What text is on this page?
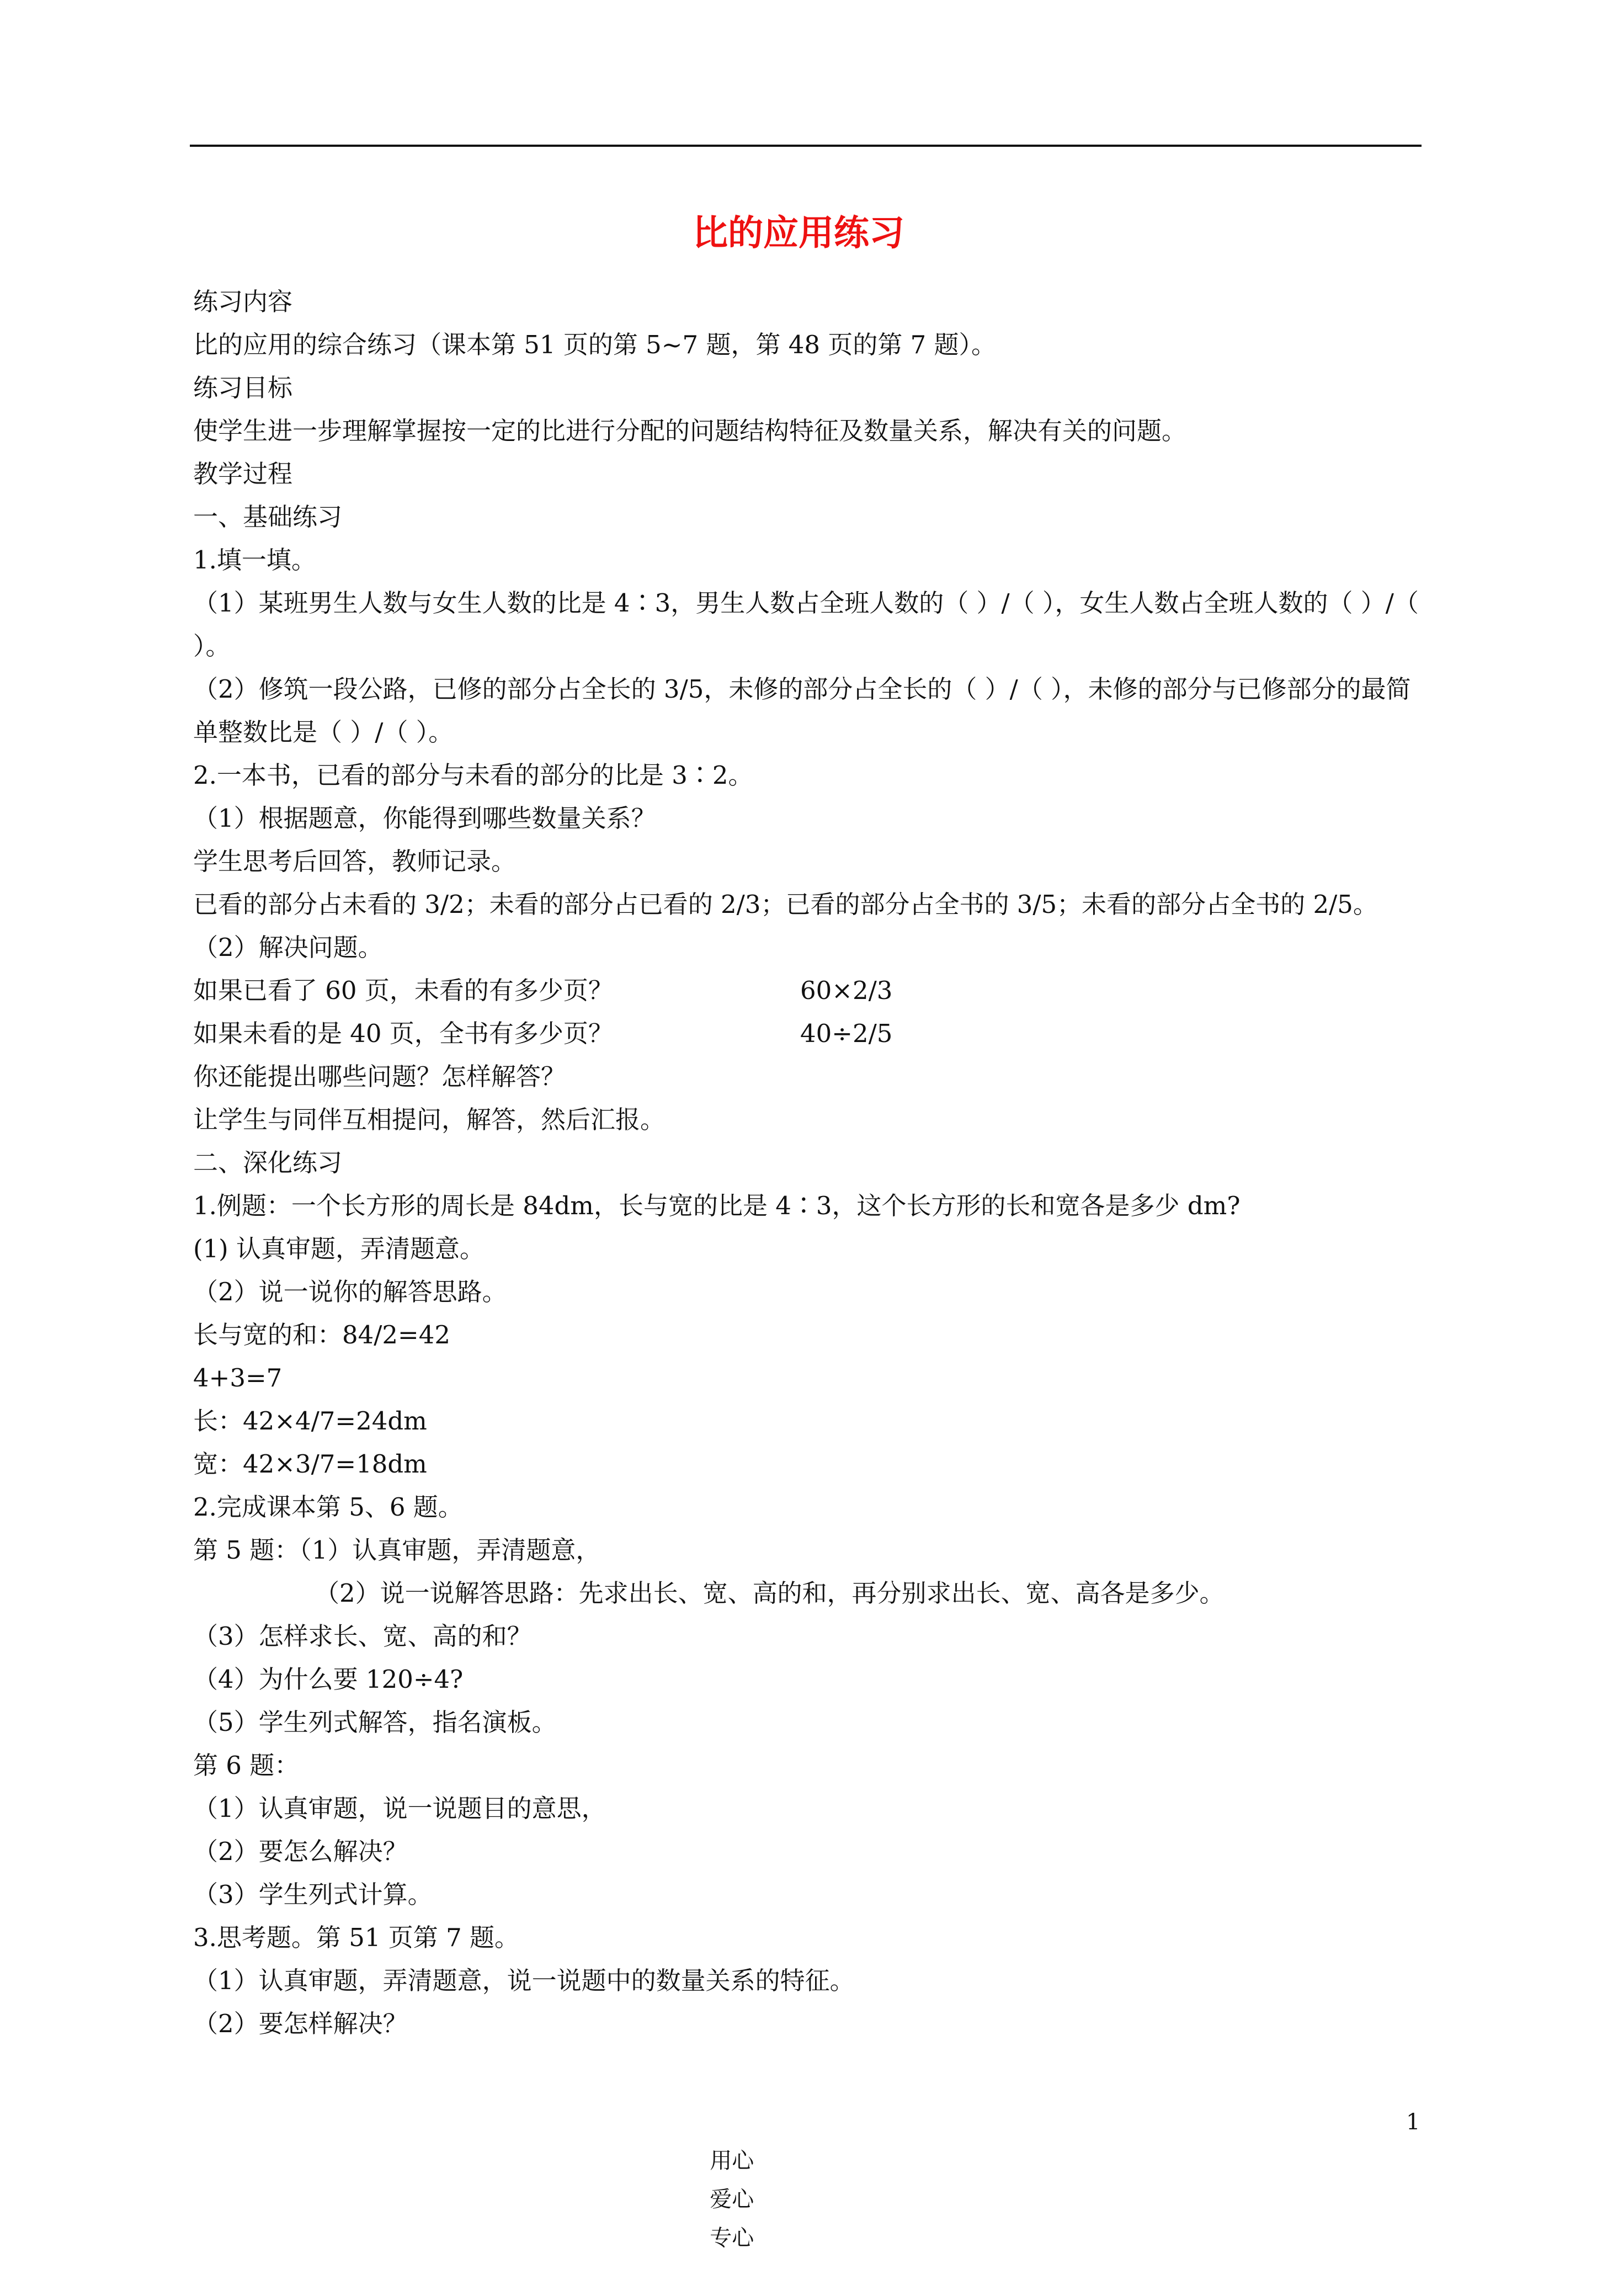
比的应用练习
练习内容
比的应用的综合练习（课本第 51 页的第 5~7 题，第 48 页的第 7 题）。
练习目标
使学生进一步理解掌握按一定的比进行分配的问题结构特征及数量关系，解决有关的问题。
教学过程
一、基础练习
1.填一填。
（1）某班男生人数与女生人数的比是 4∶3，男生人数占全班人数的（ ）/（ ），女生人数占全班人数的（ ）/（ ）。
（2）修筑一段公路，已修的部分占全长的 3/5，未修的部分占全长的（ ）/（ ），未修的部分与已修部分的最简单整数比是（ ）/（ ）。
2.一本书，已看的部分与未看的部分的比是 3∶2。
（1）根据题意，你能得到哪些数量关系？
学生思考后回答，教师记录。
已看的部分占未看的 3/2；未看的部分占已看的 2/3；已看的部分占全书的 3/5；未看的部分占全书的 2/5。
（2）解决问题。
如果已看了 60 页，未看的有多少页？	60×2/3
如果未看的是 40 页，全书有多少页？	40÷2/5
你还能提出哪些问题？怎样解答？
让学生与同伴互相提问，解答，然后汇报。
二、深化练习
1.例题：一个长方形的周长是 84dm，长与宽的比是 4∶3，这个长方形的长和宽各是多少 dm?
(1) 认真审题，弄清题意。
（2）说一说你的解答思路。
长与宽的和：84/2=42
4+3=7
长：42×4/7=24dm
宽：42×3/7=18dm
2.完成课本第 5、6 题。
第 5 题：（1）认真审题，弄清题意，
（2）说一说解答思路：先求出长、宽、高的和，再分别求出长、宽、高各是多少。
（3）怎样求长、宽、高的和？
（4）为什么要 120÷4?
（5）学生列式解答，指名演板。
第 6 题：
（1）认真审题，说一说题目的意思，
（2）要怎么解决？
（3）学生列式计算。
3.思考题。第 51 页第 7 题。
（1）认真审题，弄清题意，说一说题中的数量关系的特征。
（2）要怎样解决？

用心
爱心
专心

1
